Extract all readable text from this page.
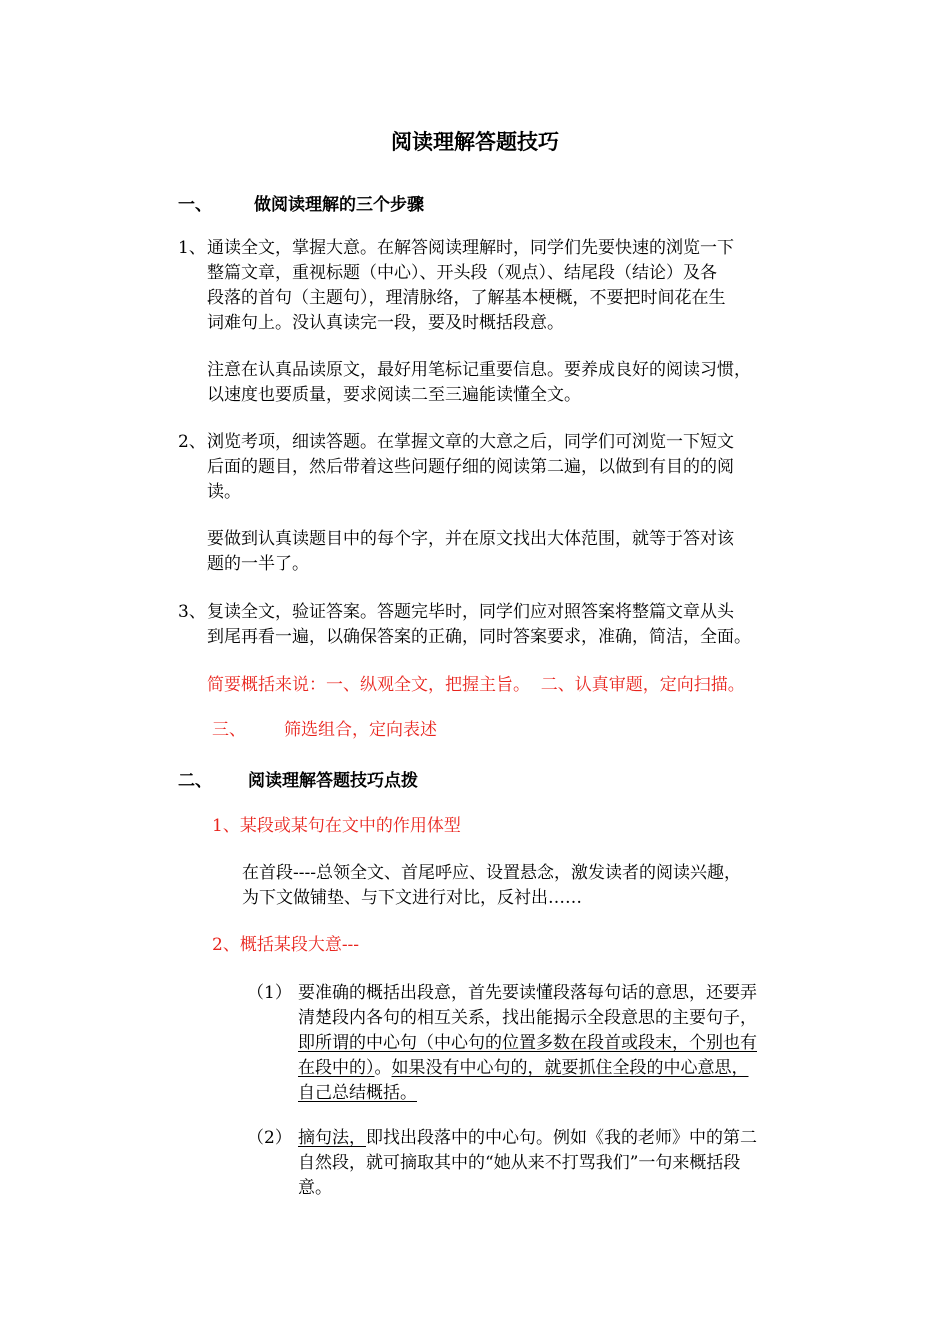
阅读理解答题技巧
一、 做阅读理解的三个步骤
1、 通读全文，掌握大意。在解答阅读理解时，同学们先要快速的浏览一下
整篇文章，重视标题（中心）、开头段（观点）、结尾段（结论）及各
段落的首句（主题句），理清脉络，了解基本梗概，不要把时间花在生
词难句上。没认真读完一段，要及时概括段意。
注意在认真品读原文，最好用笔标记重要信息。要养成良好的阅读习惯，
以速度也要质量，要求阅读二至三遍能读懂全文。
2、 浏览考项，细读答题。在掌握文章的大意之后，同学们可浏览一下短文
后面的题目，然后带着这些问题仔细的阅读第二遍，以做到有目的的阅
读。
要做到认真读题目中的每个字，并在原文找出大体范围，就等于答对该
题的一半了。
3、 复读全文，验证答案。答题完毕时，同学们应对照答案将整篇文章从头
到尾再看一遍，以确保答案的正确，同时答案要求，准确，简洁，全面。
简要概括来说：一、纵观全文，把握主旨。  二、认真审题，定向扫描。
三、 筛选组合，定向表述
二、 阅读理解答题技巧点拨
1、某段或某句在文中的作用体型
在首段----总领全文、首尾呼应、设置悬念，激发读者的阅读兴趣，
为下文做铺垫、与下文进行对比，反衬出……
2、概括某段大意---
（1） 要准确的概括出段意，首先要读懂段落每句话的意思，还要弄
清楚段内各句的相互关系，找出能揭示全段意思的主要句子，
即所谓的中心句（中心句的位置多数在段首或段末，个别也有
在段中的）。如果没有中心句的，就要抓住全段的中心意思，
自己总结概括。
（2） 摘句法，即找出段落中的中心句。例如《我的老师》中的第二
自然段，就可摘取其中的“她从来不打骂我们”一句来概括段
意。
